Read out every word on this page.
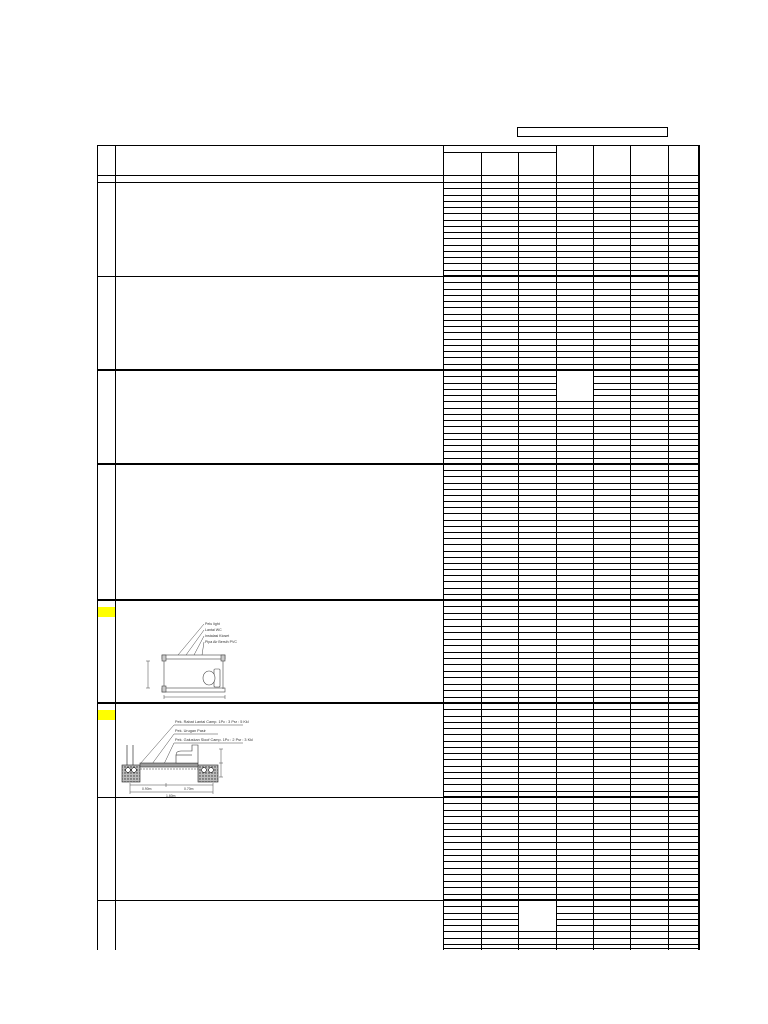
Pelu light
Lantai WC
Instalasi Kloset
Pipa Air Bersih PVC
Pek. Rabat Lantai Camp. 1Pc : 3 Psr : 5 Kkl
Pek. Urugan Pasir
Pek. Galuskan Sloof Camp. 1Pc : 2 Psr : 3 Kkl
0.90m	0.70m
1.60m
